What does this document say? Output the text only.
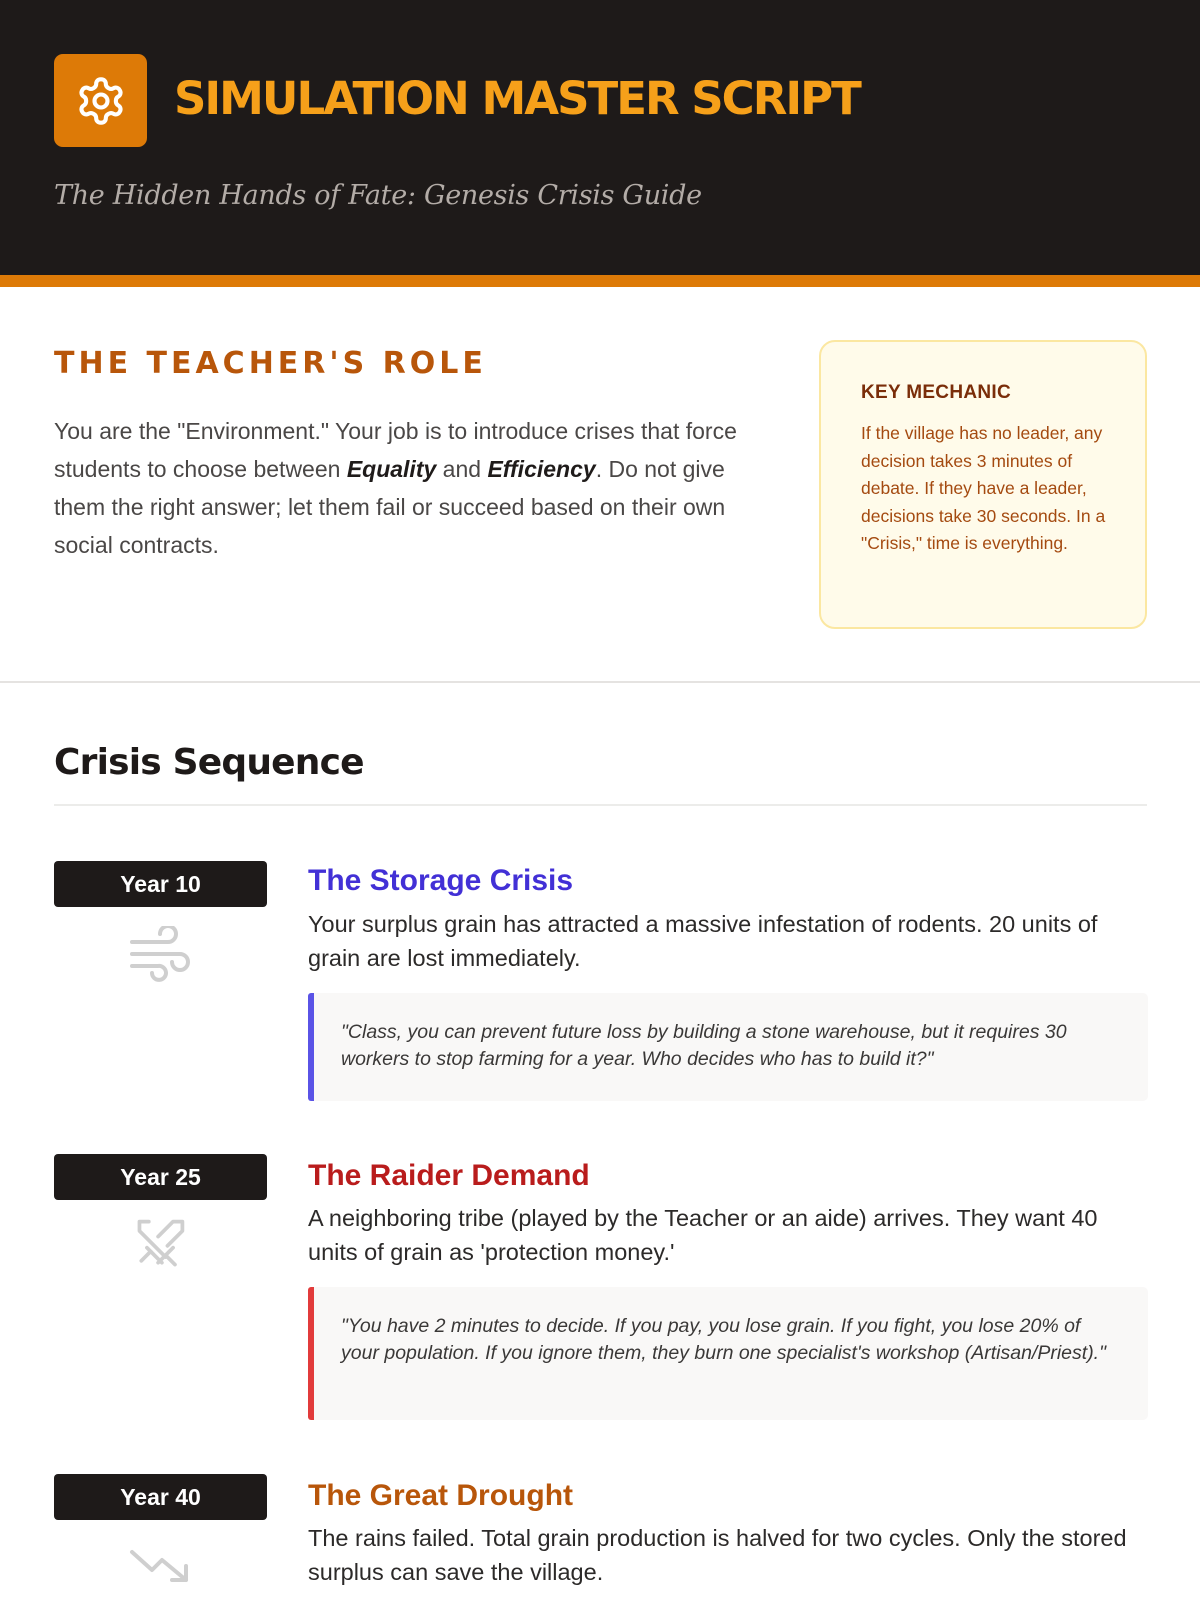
SIMULATION MASTER SCRIPT
The Hidden Hands of Fate: Genesis Crisis Guide
THE TEACHER'S ROLE

You are the "Environment." Your job is to introduce crises that force students to choose between Equality and Efficiency. Do not give them the right answer; let them fail or succeed based on their own social contracts.

KEY MECHANIC
If the village has no leader, any decision takes 3 minutes of debate. If they have a leader, decisions take 30 seconds. In a "Crisis," time is everything.
Crisis Sequence
Year 10	The Storage Crisis
Your surplus grain has attracted a massive infestation of rodents. 20 units of grain are lost immediately.
"Class, you can prevent future loss by building a stone warehouse, but it requires 30 workers to stop farming for a year. Who decides who has to build it?"
Year 25	The Raider Demand
A neighboring tribe (played by the Teacher or an aide) arrives. They want 40 units of grain as 'protection money.'
"You have 2 minutes to decide. If you pay, you lose grain. If you fight, you lose 20% of your population. If you ignore them, they burn one specialist's workshop (Artisan/Priest)."
Year 40	The Great Drought
The rains failed. Total grain production is halved for two cycles. Only the stored surplus can save the village.
